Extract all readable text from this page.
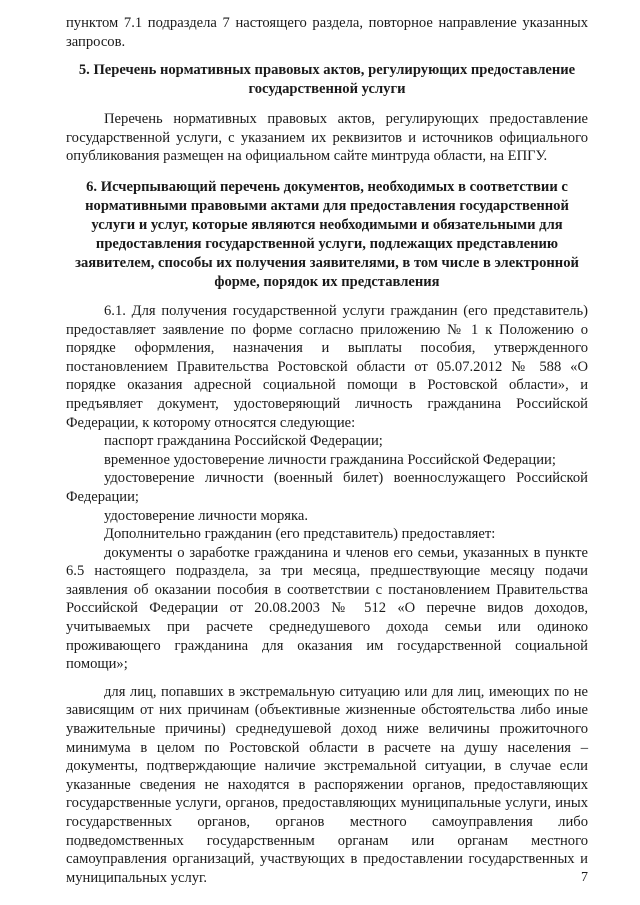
пунктом 7.1 подраздела 7 настоящего раздела, повторное направление указанных запросов.

5. Перечень нормативных правовых актов, регулирующих предоставление государственной услуги

Перечень нормативных правовых актов, регулирующих предоставление государственной услуги, с указанием их реквизитов и источников официального опубликования размещен на официальном сайте минтруда области, на ЕПГУ.

6. Исчерпывающий перечень документов, необходимых в соответствии с нормативными правовыми актами для предоставления государственной услуги и услуг, которые являются необходимыми и обязательными для предоставления государственной услуги, подлежащих представлению заявителем, способы их получения заявителями, в том числе в электронной форме, порядок их представления

6.1. Для получения государственной услуги гражданин (его представитель) предоставляет заявление по форме согласно приложению № 1 к Положению о порядке оформления, назначения и выплаты пособия, утвержденного постановлением Правительства Ростовской области от 05.07.2012 № 588 «О порядке оказания адресной социальной помощи в Ростовской области», и предъявляет документ, удостоверяющий личность гражданина Российской Федерации, к которому относятся следующие:

паспорт гражданина Российской Федерации;

временное удостоверение личности гражданина Российской Федерации;

удостоверение личности (военный билет) военнослужащего Российской Федерации;

удостоверение личности моряка.

Дополнительно гражданин (его представитель) предоставляет:

документы о заработке гражданина и членов его семьи, указанных в пункте 6.5 настоящего подраздела, за три месяца, предшествующие месяцу подачи заявления об оказании пособия в соответствии с постановлением Правительства Российской Федерации от 20.08.2003 № 512 «О перечне видов доходов, учитываемых при расчете среднедушевого дохода семьи или одиноко проживающего гражданина для оказания им государственной социальной помощи»;

для лиц, попавших в экстремальную ситуацию или для лиц, имеющих по не зависящим от них причинам (объективные жизненные обстоятельства либо иные уважительные причины) среднедушевой доход ниже величины прожиточного минимума в целом по Ростовской области в расчете на душу населения – документы, подтверждающие наличие экстремальной ситуации, в случае если указанные сведения не находятся в распоряжении органов, предоставляющих государственные услуги, органов, предоставляющих муниципальные услуги, иных государственных органов, органов местного самоуправления либо подведомственных государственным органам или органам местного самоуправления организаций, участвующих в предоставлении государственных и муниципальных услуг.	7
